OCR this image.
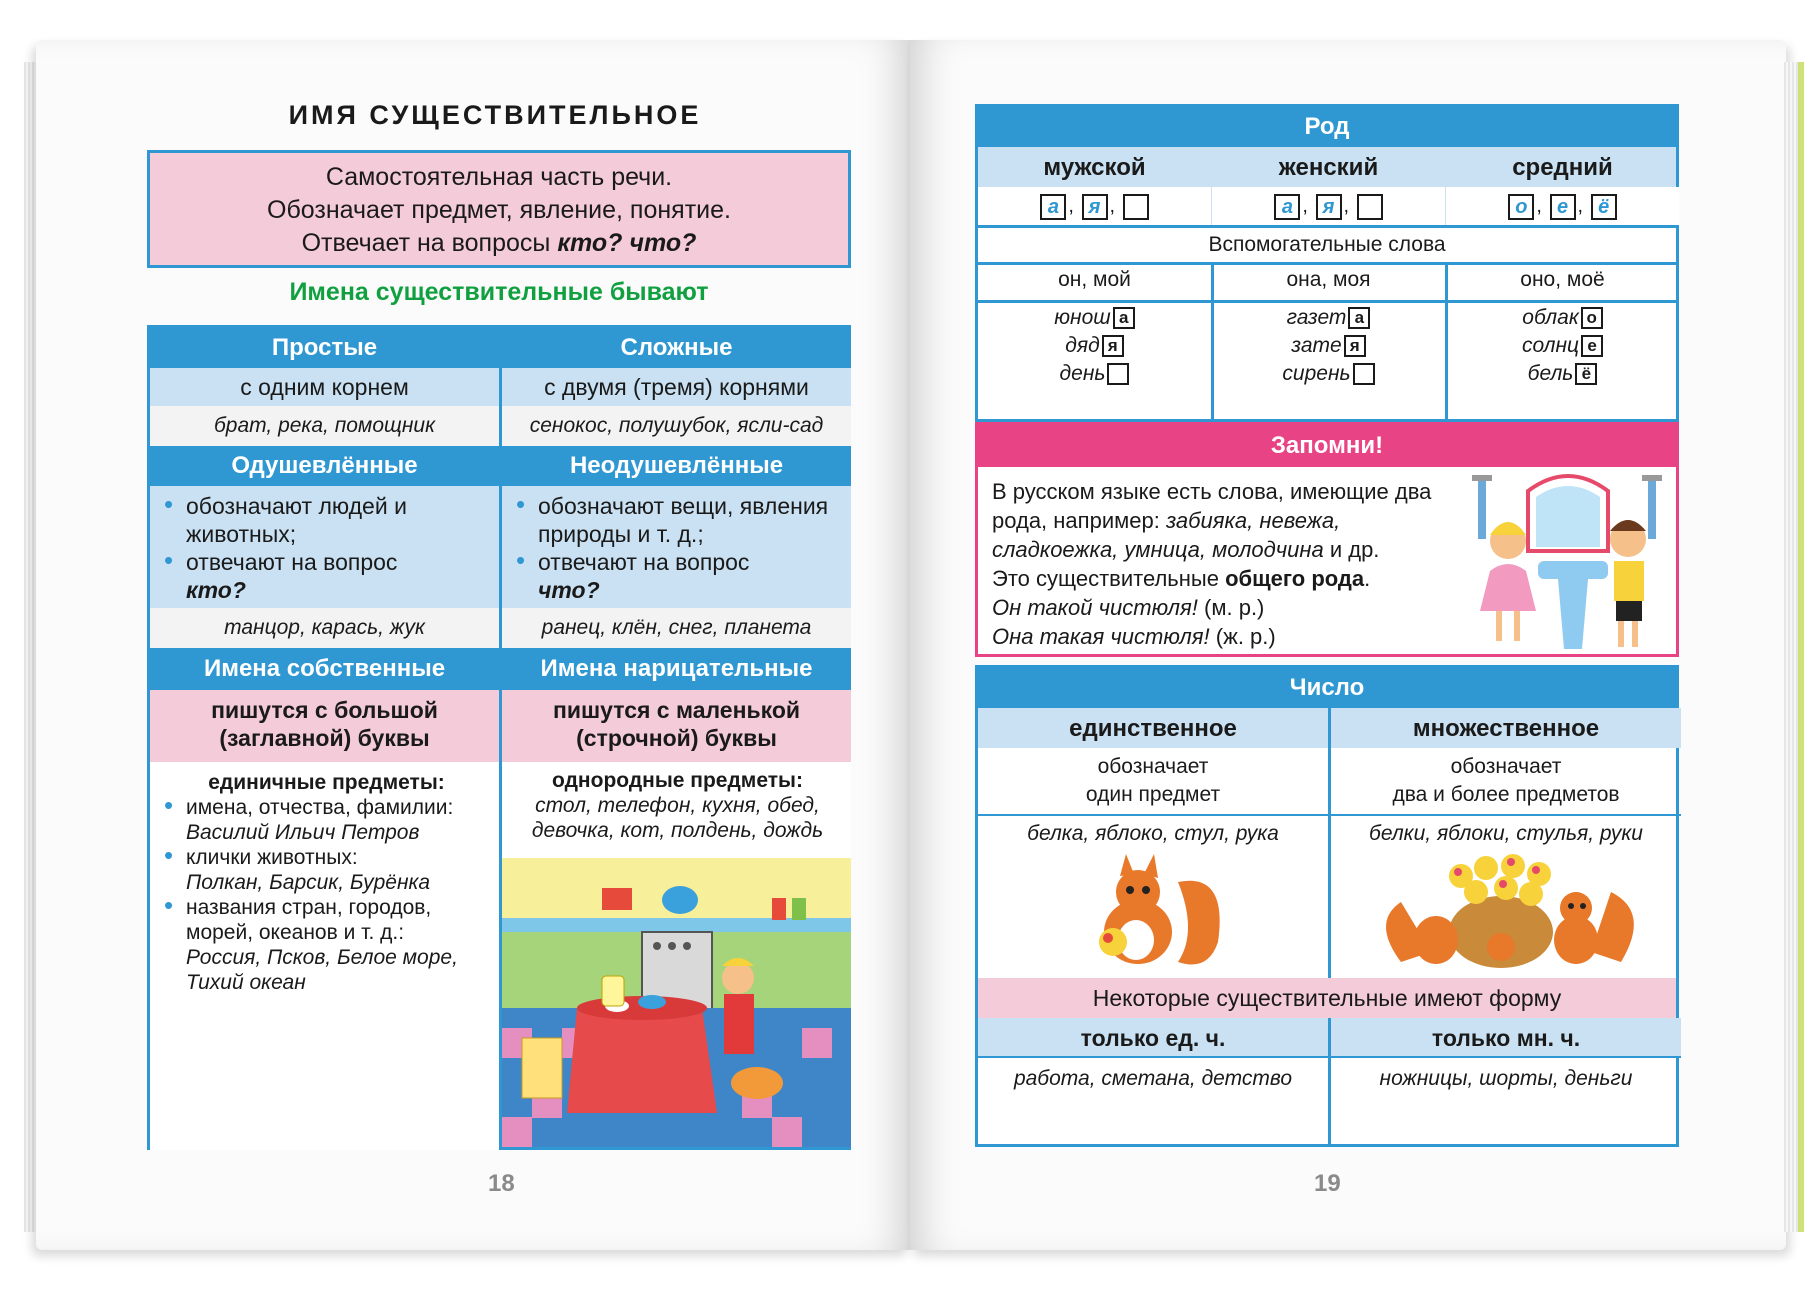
ИМЯ СУЩЕСТВИТЕЛЬНОЕ
Самостоятельная часть речи.
Обозначает предмет, явление, понятие.
Отвечает на вопросы кто? что?
Имена существительные бывают
Простые
с одним корнем
брат, река, помощник
Одушевлённые
• обозначают людей и животных;
• отвечают на вопрос
кто?
танцор, карась, жук
Имена собственные
пишутся с большой (заглавной) буквы
единичные предметы:
• имена, отчества, фамилии:
Василий Ильич Петров
• клички животных:
Полкан, Барсик, Бурёнка
• названия стран, городов, морей, океанов и т. д.:
Россия, Псков, Белое море, Тихий океан
Сложные
с двумя (тремя) корнями
сенокос, полушубок, ясли-сад
Неодушевлённые
• обозначают вещи, явления природы и т. д.;
• отвечают на вопрос
что?
ранец, клён, снег, планета
Имена нарицательные
пишутся с маленькой (строчной) буквы
однородные предметы:
стол, телефон, кухня, обед, девочка, кот, полдень, дождь
18
Род
Вспомогательные слова
мужской
а , я ,
он, мой
юнош а
дяд я
день
женский
а , я ,
она, моя
газет а
зате я
сирень
средний
о , е , ё
оно, моё
облак о
солнц е
бель ё
Запомни!
В русском языке есть слова, имеющие два рода, например: забияка, невежа, сладкоежка, умница, молодчина и др.
Это существительные общего рода.
Он такой чистюля! (м. р.)
Она такая чистюля! (ж. р.)
Число
единственное
обозначает
один предмет
белка, яблоко, стул, рука
множественное
обозначает
два и более предметов
белки, яблоки, стулья, руки
Некоторые существительные имеют форму
только ед. ч.
работа, сметана, детство
только мн. ч.
ножницы, шорты, деньги
19
